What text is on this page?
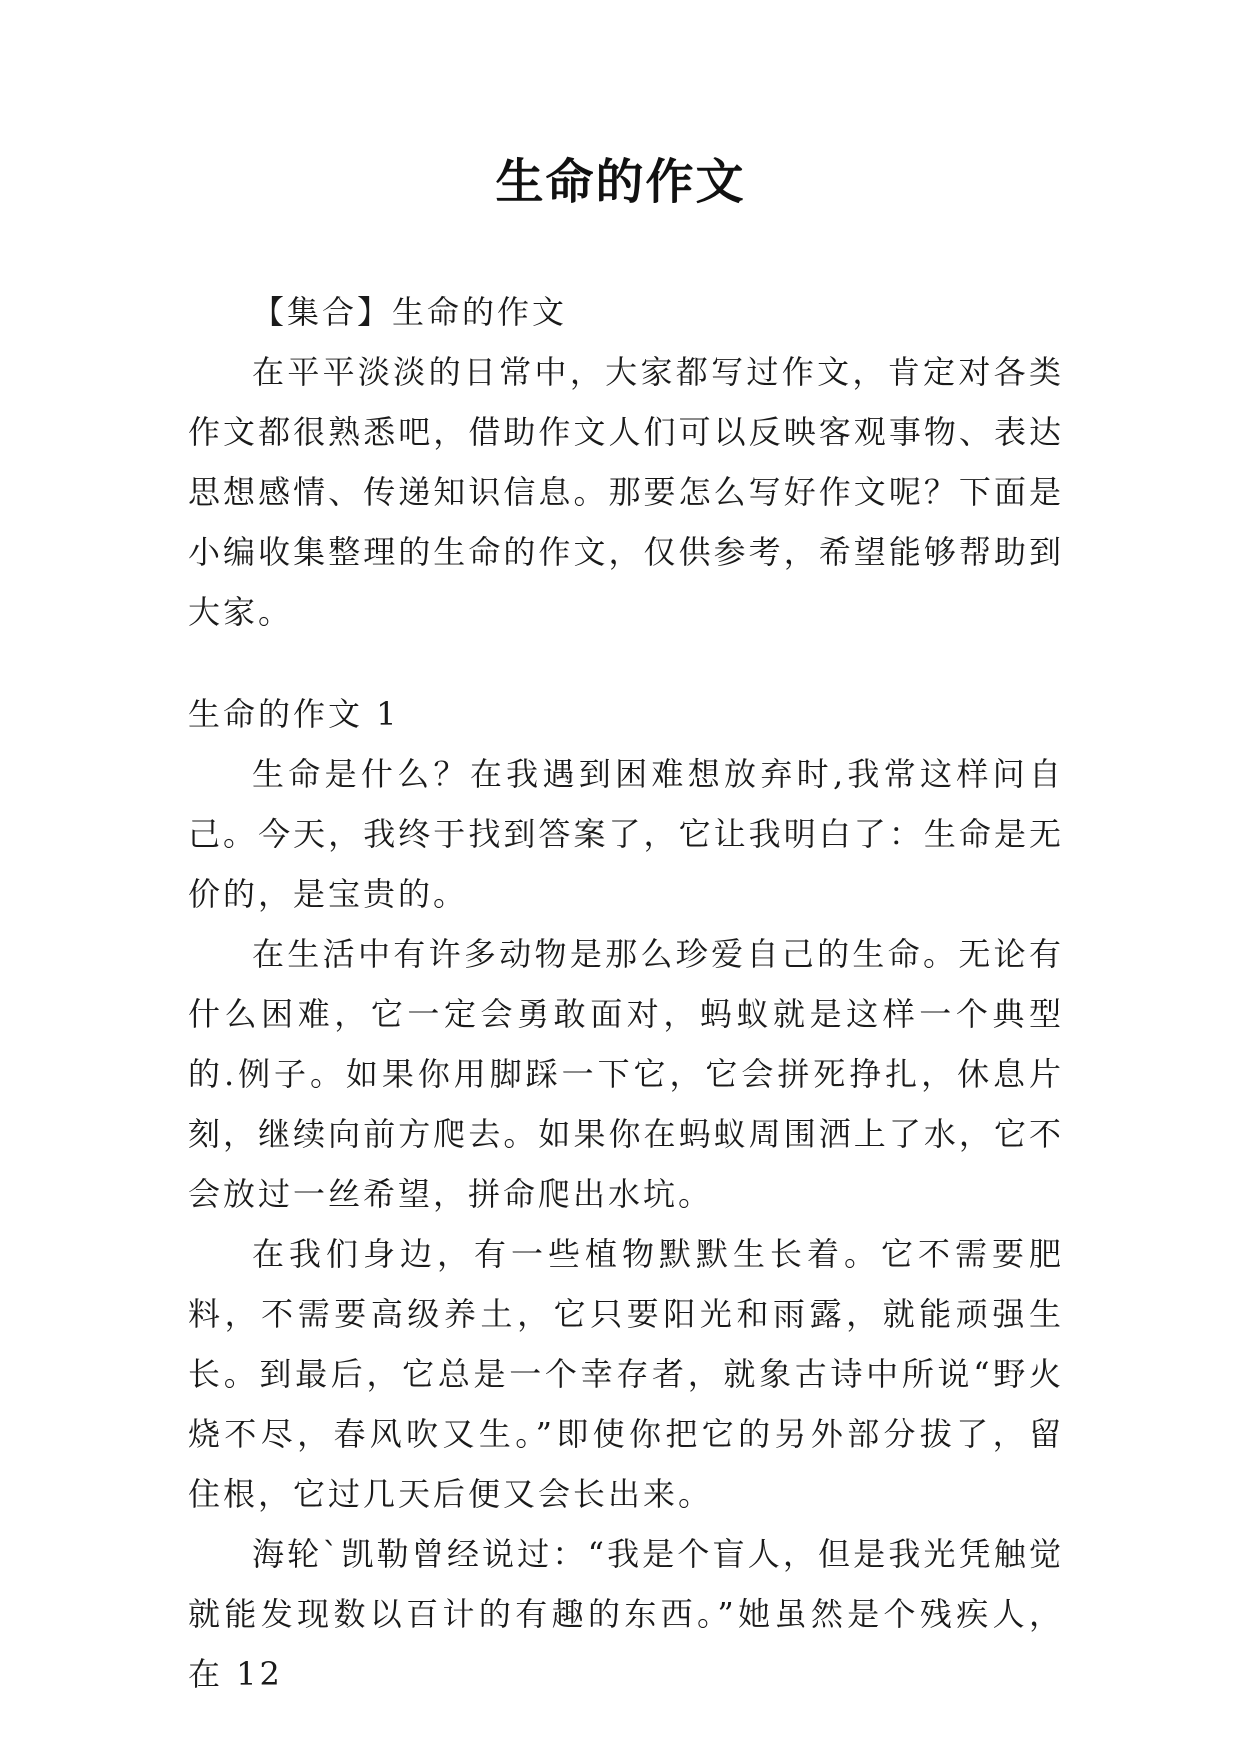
生命的作文

【集合】生命的作文

在平平淡淡的日常中，大家都写过作文，肯定对各类作文都很熟悉吧，借助作文人们可以反映客观事物、表达思想感情、传递知识信息。那要怎么写好作文呢？下面是小编收集整理的生命的作文，仅供参考，希望能够帮助到大家。

生命的作文 1

生命是什么？在我遇到困难想放弃时,我常这样问自己。今天，我终于找到答案了，它让我明白了：生命是无价的，是宝贵的。

在生活中有许多动物是那么珍爱自己的生命。无论有什么困难，它一定会勇敢面对，蚂蚁就是这样一个典型的.例子。如果你用脚踩一下它，它会拼死挣扎，休息片刻，继续向前方爬去。如果你在蚂蚁周围洒上了水，它不会放过一丝希望，拼命爬出水坑。

在我们身边，有一些植物默默生长着。它不需要肥料，不需要高级养土，它只要阳光和雨露，就能顽强生长。到最后，它总是一个幸存者，就象古诗中所说“野火烧不尽，春风吹又生。”即使你把它的另外部分拔了，留住根，它过几天后便又会长出来。

海轮`凯勒曾经说过：“我是个盲人，但是我光凭触觉就能发现数以百计的有趣的东西。”她虽然是个残疾人，在 12
